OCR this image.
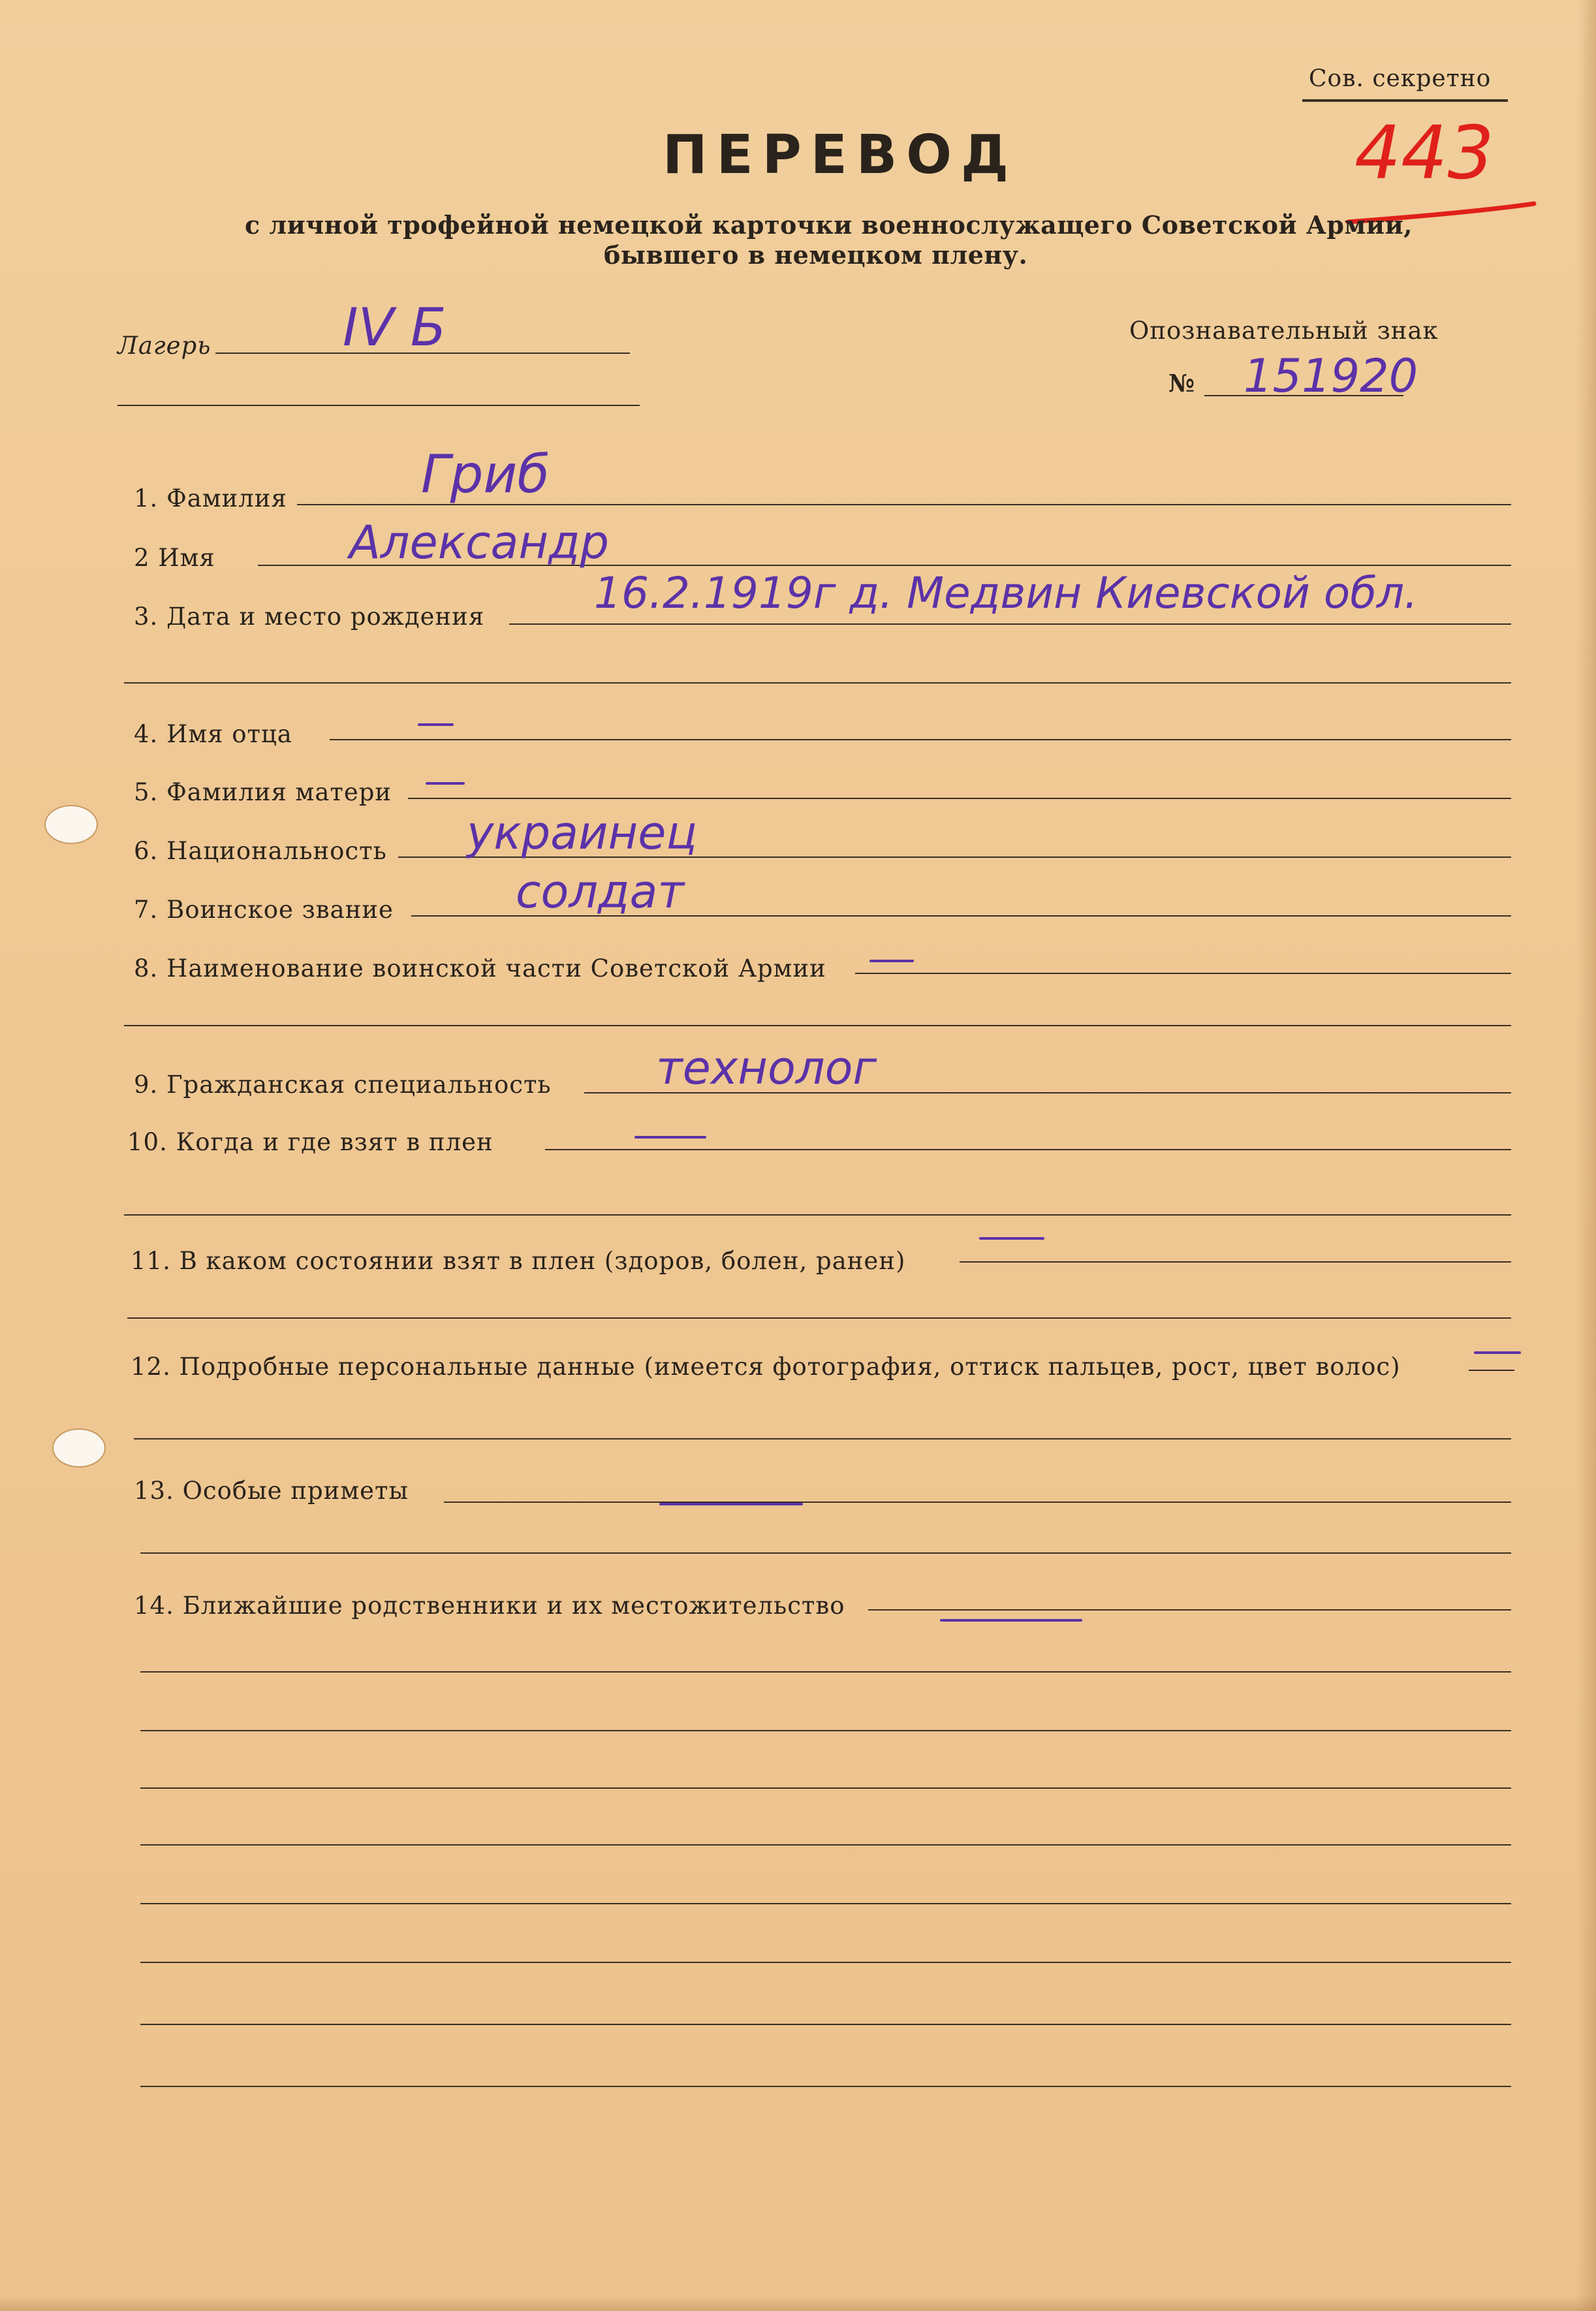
Сов. секретно
443
ПЕРЕВОД
с личной трофейной немецкой карточки военнослужащего Советской Армии,
бывшего в немецком плену.
Лагерь	IV Б	Опознавательный знак
№ 151920
1. Фамилия	Гриб
2 Имя	Александр
3. Дата и место рождения	16.2.1919г д. Медвин Киевской обл.
4. Имя отца
5. Фамилия матери
6. Национальность украинец
7. Воинское звание	солдат
8. Наименование воинской части Советской Армии
9. Гражданская специальность технолог
10. Когда и где взят в плен
11. В каком состоянии взят в плен (здоров, болен, ранен)
12. Подробные персональные данные (имеется фотография, оттиск пальцев, рост, цвет волос)
13. Особые приметы
14. Ближайшие родственники и их местожительство
